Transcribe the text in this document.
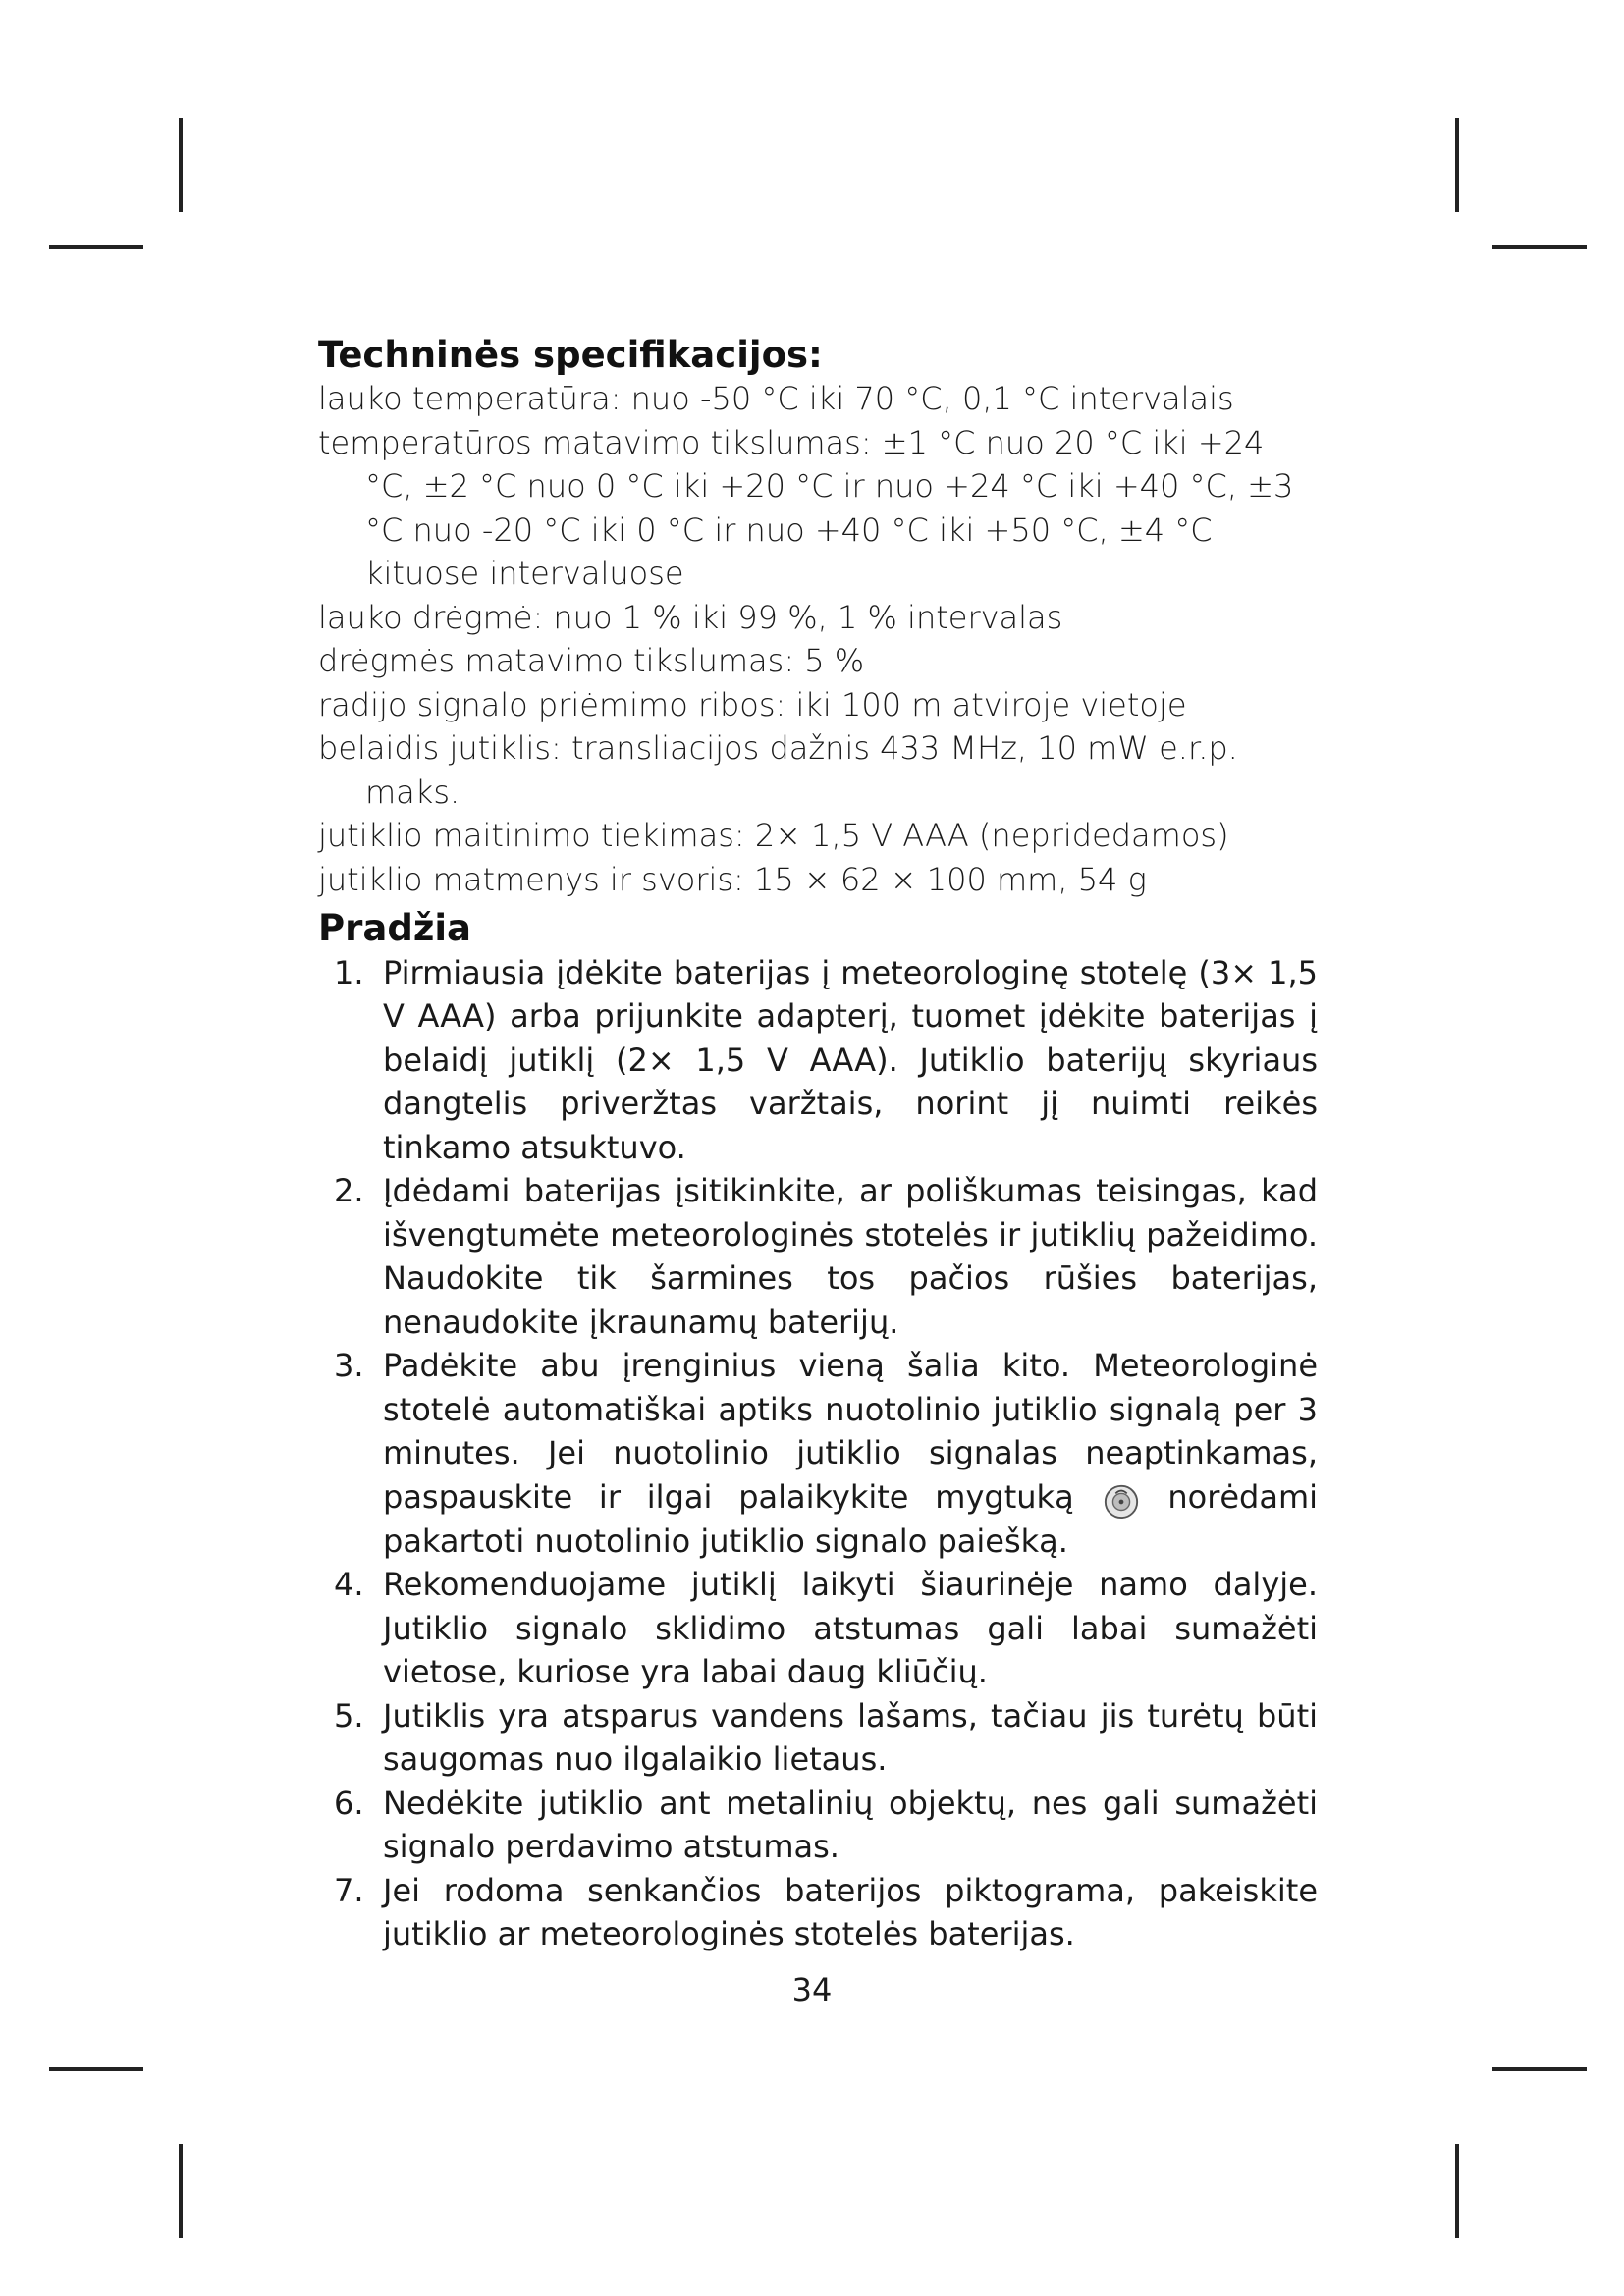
Techninės specifikacijos:
lauko temperatūra: nuo -50 °C iki 70 °C, 0,1 °C intervalais
temperatūros matavimo tikslumas: ±1 °C nuo 20 °C iki +24 °C, ±2 °C nuo 0 °C iki +20 °C ir nuo +24 °C iki +40 °C, ±3 °C nuo -20 °C iki 0 °C ir nuo +40 °C iki +50 °C, ±4 °C kituose intervaluose
lauko drėgmė: nuo 1 % iki 99 %, 1 % intervalas
drėgmės matavimo tikslumas: 5 %
radijo signalo priėmimo ribos: iki 100 m atviroje vietoje
belaidis jutiklis: transliacijos dažnis 433 MHz, 10 mW e.r.p. maks.
jutiklio maitinimo tiekimas: 2× 1,5 V AAA (nepridedamos)
jutiklio matmenys ir svoris: 15 × 62 × 100 mm, 54 g
Pradžia
1. Pirmiausia įdėkite baterijas į meteorologinę stotelę (3× 1,5 V AAA) arba prijunkite adapterį, tuomet įdėkite baterijas į belaidį jutiklį (2× 1,5 V AAA). Jutiklio baterijų skyriaus dangtelis priveržtas varžtais, norint jį nuimti reikės tinkamo atsuktuvo.
2. Įdėdami baterijas įsitikinkite, ar poliškumas teisingas, kad išvengtumėte meteorologinės stotelės ir jutiklių pažeidimo. Naudokite tik šarmines tos pačios rūšies baterijas, nenaudokite įkraunamų baterijų.
3. Padėkite abu įrenginius vieną šalia kito. Meteorologinė stotelė automatiškai aptiks nuotolinio jutiklio signalą per 3 minutes. Jei nuotolinio jutiklio signalas neaptinkamas, paspauskite ir ilgai palaikykite mygtuką	norėdami pakartoti nuotolinio jutiklio signalo paiešką.
4. Rekomenduojame jutiklį laikyti šiaurinėje namo dalyje. Jutiklio signalo sklidimo atstumas gali labai sumažėti vietose, kuriose yra labai daug kliūčių.
5. Jutiklis yra atsparus vandens lašams, tačiau jis turėtų būti saugomas nuo ilgalaikio lietaus.
6. Nedėkite jutiklio ant metalinių objektų, nes gali sumažėti signalo perdavimo atstumas.
7. Jei rodoma senkančios baterijos piktograma, pakeiskite jutiklio ar meteorologinės stotelės baterijas.
34
